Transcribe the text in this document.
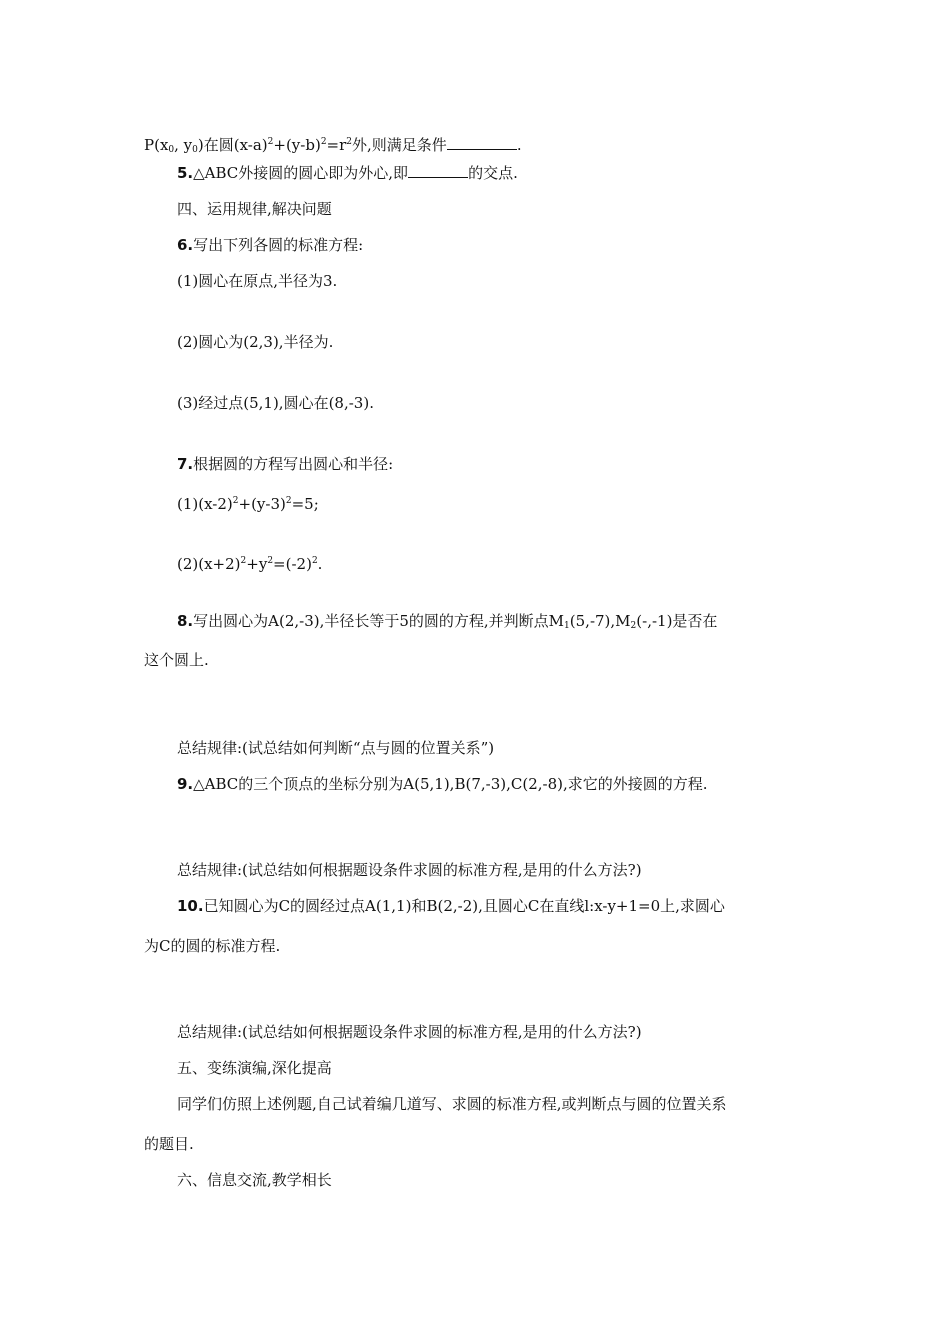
$P(x_0$, $y_0$)在圆$(x-a)^2+(y-b)^2=r^2$外,则满足条件	.
5.△ABC外接圆的圆心即为外心,即	的交点.
四、运用规律,解决问题
6.写出下列各圆的标准方程:
(1)圆心在原点,半径为3.
(2)圆心为(2,3),半径为.
(3)经过点(5,1),圆心在(8,-3).
7.根据圆的方程写出圆心和半径:
$(1)(x-2)^2+(y-3)^2=5$;
$(2)(x+2)^2+y^2=(-2)^2$.
8.写出圆心为A(2,-3),半径长等于5的圆的方程,并判断点$M_1(5,-7),M_2(-,-1)$是否在
这个圆上.
总结规律:(试总结如何判断“点与圆的位置关系”)
9.△ABC的三个顶点的坐标分别为A(5,1),B(7,-3),C(2,-8),求它的外接圆的方程.
总结规律:(试总结如何根据题设条件求圆的标准方程,是用的什么方法?)
10.已知圆心为C的圆经过点A(1,1)和B(2,-2),且圆心C在直线l:x-y+1=0上,求圆心
为C的圆的标准方程.
总结规律:(试总结如何根据题设条件求圆的标准方程,是用的什么方法?)
五、变练演编,深化提高
同学们仿照上述例题,自己试着编几道写、求圆的标准方程,或判断点与圆的位置关系
的题目.
六、信息交流,教学相长
